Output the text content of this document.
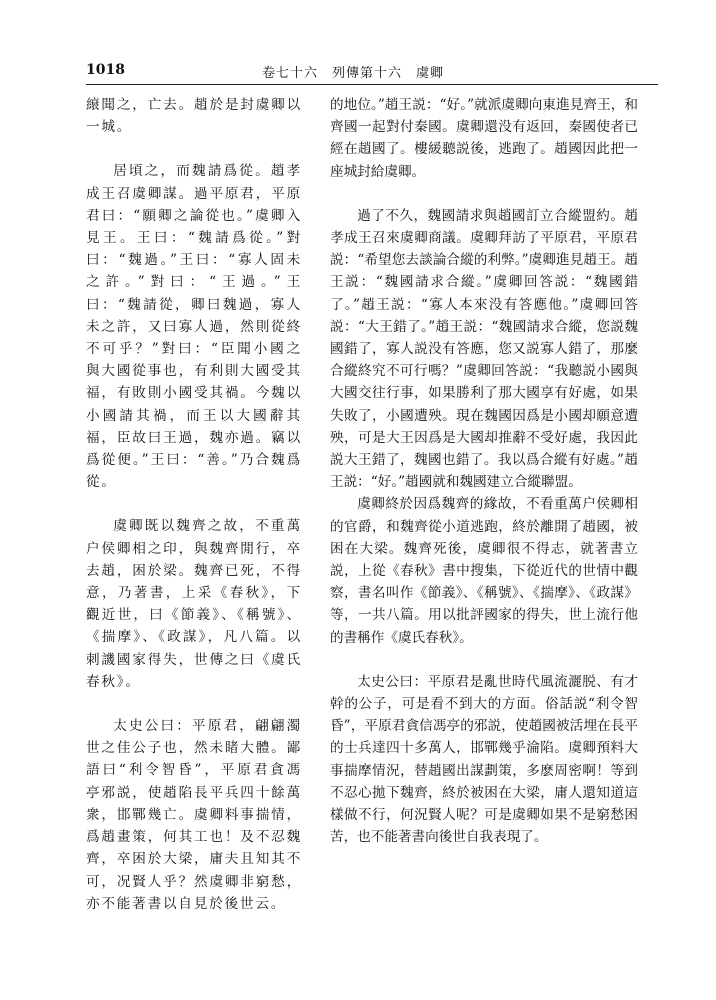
1018	卷七十六　列傳第十六　虞卿

縗聞之，亡去。趙於是封虞卿以一城。

居頃之，而魏請爲從。趙孝成王召虞卿謀。過平原君，平原君曰：“願卿之論從也。”虞卿入見王。王曰：“魏請爲從。”對曰：“魏過。”王曰：“寡人固未之許。”對曰：“王過。”王曰：“魏請從，卿曰魏過，寡人未之許，又曰寡人過，然則從終不可乎？”對曰：“臣聞小國之與大國從事也，有利則大國受其福，有敗則小國受其禍。今魏以小國請其禍，而王以大國辭其福，臣故曰王過，魏亦過。竊以爲從便。”王曰：“善。”乃合魏爲從。

虞卿既以魏齊之故，不重萬户侯卿相之印，與魏齊閒行，卒去趙，困於梁。魏齊已死，不得意，乃著書，上采《春秋》，下觀近世，曰《節義》、《稱號》、《揣摩》、《政謀》，凡八篇。以刺譏國家得失，世傳之曰《虞氏春秋》。

太史公曰：平原君，翩翩濁世之佳公子也，然未睹大體。鄙語曰“利令智昏”，平原君貪馮亭邪説，使趙陷長平兵四十餘萬衆，邯鄲幾亡。虞卿料事揣情，爲趙畫策，何其工也！及不忍魏齊，卒困於大梁，庸夫且知其不可，况賢人乎？然虞卿非窮愁，亦不能著書以自見於後世云。

的地位。”趙王説：“好。”就派虞卿向東進見齊王，和齊國一起對付秦國。虞卿還没有返回，秦國使者已經在趙國了。樓緩聽説後，逃跑了。趙國因此把一座城封給虞卿。

過了不久，魏國請求與趙國訂立合縱盟約。趙孝成王召來虞卿商議。虞卿拜訪了平原君，平原君説：“希望您去談論合縱的利弊。”虞卿進見趙王。趙王説：“魏國請求合縱。”虞卿回答説：“魏國錯了。”趙王説：“寡人本來没有答應他。”虞卿回答説：“大王錯了。”趙王説：“魏國請求合縱，您説魏國錯了，寡人説没有答應，您又説寡人錯了，那麼合縱終究不可行嗎？”虞卿回答説：“我聽説小國與大國交往行事，如果勝利了那大國享有好處，如果失敗了，小國遭殃。現在魏國因爲是小國却願意遭殃，可是大王因爲是大國却推辭不受好處，我因此説大王錯了，魏國也錯了。我以爲合縱有好處。”趙王説：“好。”趙國就和魏國建立合縱聯盟。

虞卿終於因爲魏齊的緣故，不看重萬户侯卿相的官爵，和魏齊從小道逃跑，終於離開了趙國，被困在大梁。魏齊死後，虞卿很不得志，就著書立説，上從《春秋》書中搜集，下從近代的世情中觀察，書名叫作《節義》、《稱號》、《揣摩》、《政謀》等，一共八篇。用以批評國家的得失，世上流行他的書稱作《虞氏春秋》。

太史公曰：平原君是亂世時代風流灑脱、有才幹的公子，可是看不到大的方面。俗話説“利令智昏”，平原君貪信馮亭的邪説，使趙國被活埋在長平的士兵達四十多萬人，邯鄲幾乎淪陷。虞卿預料大事揣摩情況，替趙國出謀劃策，多麽周密啊！等到不忍心拋下魏齊，終於被困在大梁，庸人還知道這樣做不行，何況賢人呢？可是虞卿如果不是窮愁困苦，也不能著書向後世自我表現了。
